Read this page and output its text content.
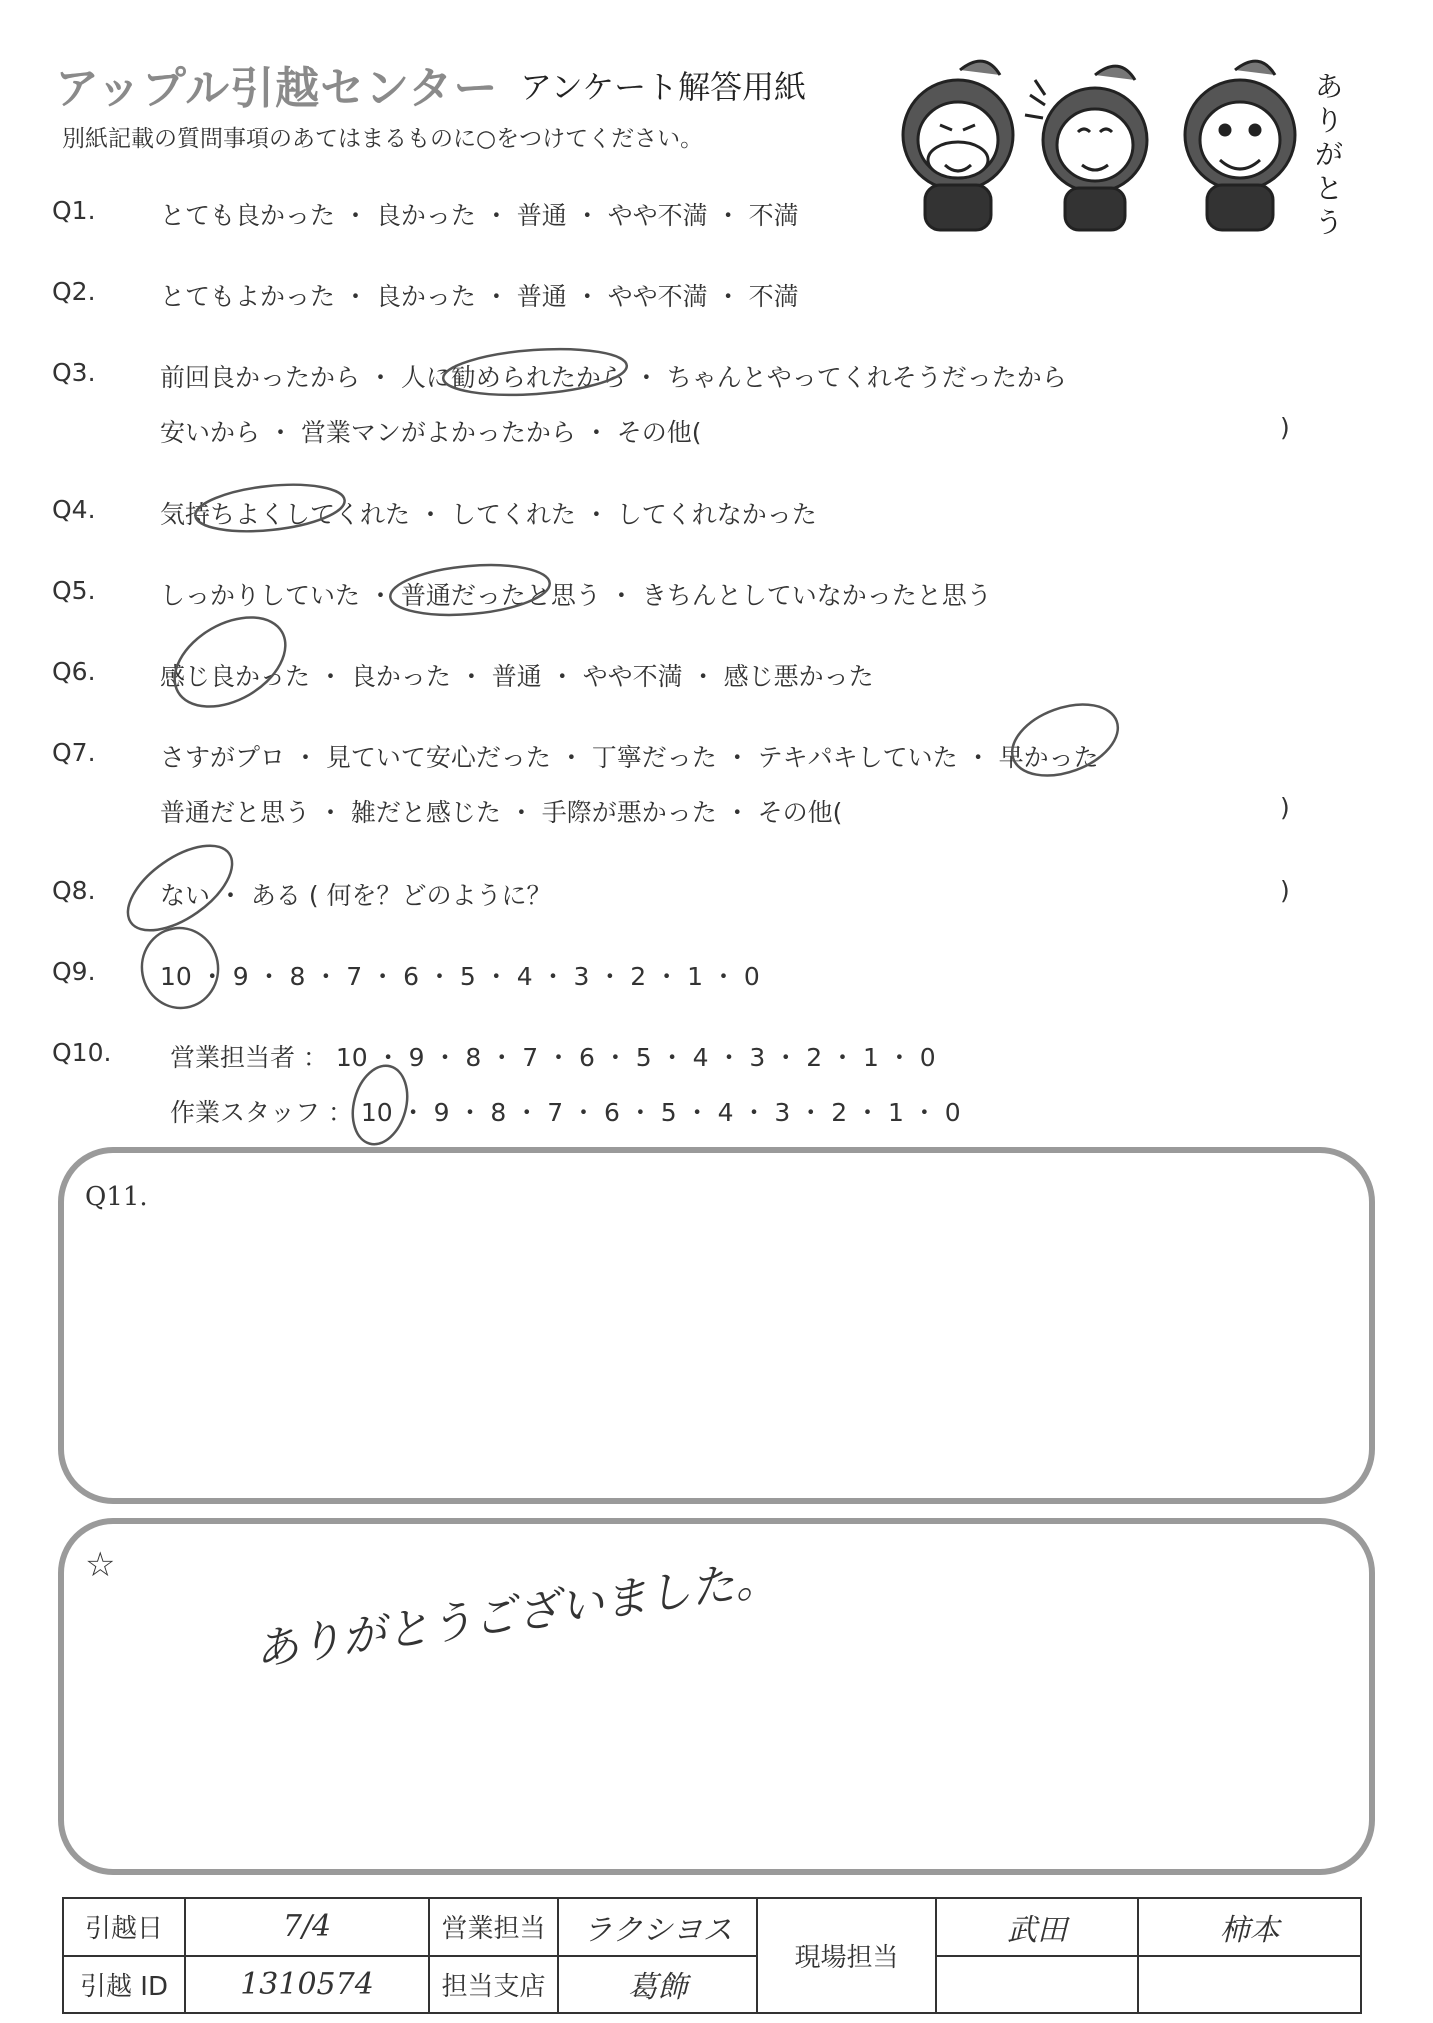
アップル引越センター アンケート解答用紙
別紙記載の質問事項のあてはまるものに○をつけてください。
ありがとう
Q1.	とても良かった ・ 良かった ・ 普通 ・ やや不満 ・ 不満
Q2.	とてもよかった ・ 良かった ・ 普通 ・ やや不満 ・ 不満
Q3.	前回良かったから ・ 人に勧められたから ・ ちゃんとやってくれそうだったから
安いから ・ 営業マンがよかったから ・ その他(	)
Q4.	気持ちよくしてくれた ・ してくれた ・ してくれなかった
Q5.	しっかりしていた ・ 普通だったと思う ・ きちんとしていなかったと思う
Q6.	感じ良かった ・ 良かった ・ 普通 ・ やや不満 ・ 感じ悪かった
Q7.	さすがプロ ・ 見ていて安心だった ・ 丁寧だった ・ テキパキしていた ・ 早かった
普通だと思う ・ 雑だと感じた ・ 手際が悪かった ・ その他(	)
Q8.	ない ・ ある ( 何を？どのように？	)
Q9.	10 ・ 9 ・ 8 ・ 7 ・ 6 ・ 5 ・ 4 ・ 3 ・ 2 ・ 1 ・ 0
Q10. 営業担当者 ： 10 ・ 9 ・ 8 ・ 7 ・ 6 ・ 5 ・ 4 ・ 3 ・ 2 ・ 1 ・ 0
作業スタッフ ： 10 ・ 9 ・ 8 ・ 7 ・ 6 ・ 5 ・ 4 ・ 3 ・ 2 ・ 1 ・ 0
Q11.
☆	ありがとうございました。
引越日	7/4	営業担当	ラクシヨス	現場担当	武田	柿本
引越 ID	1310574	担当支店	葛飾			
